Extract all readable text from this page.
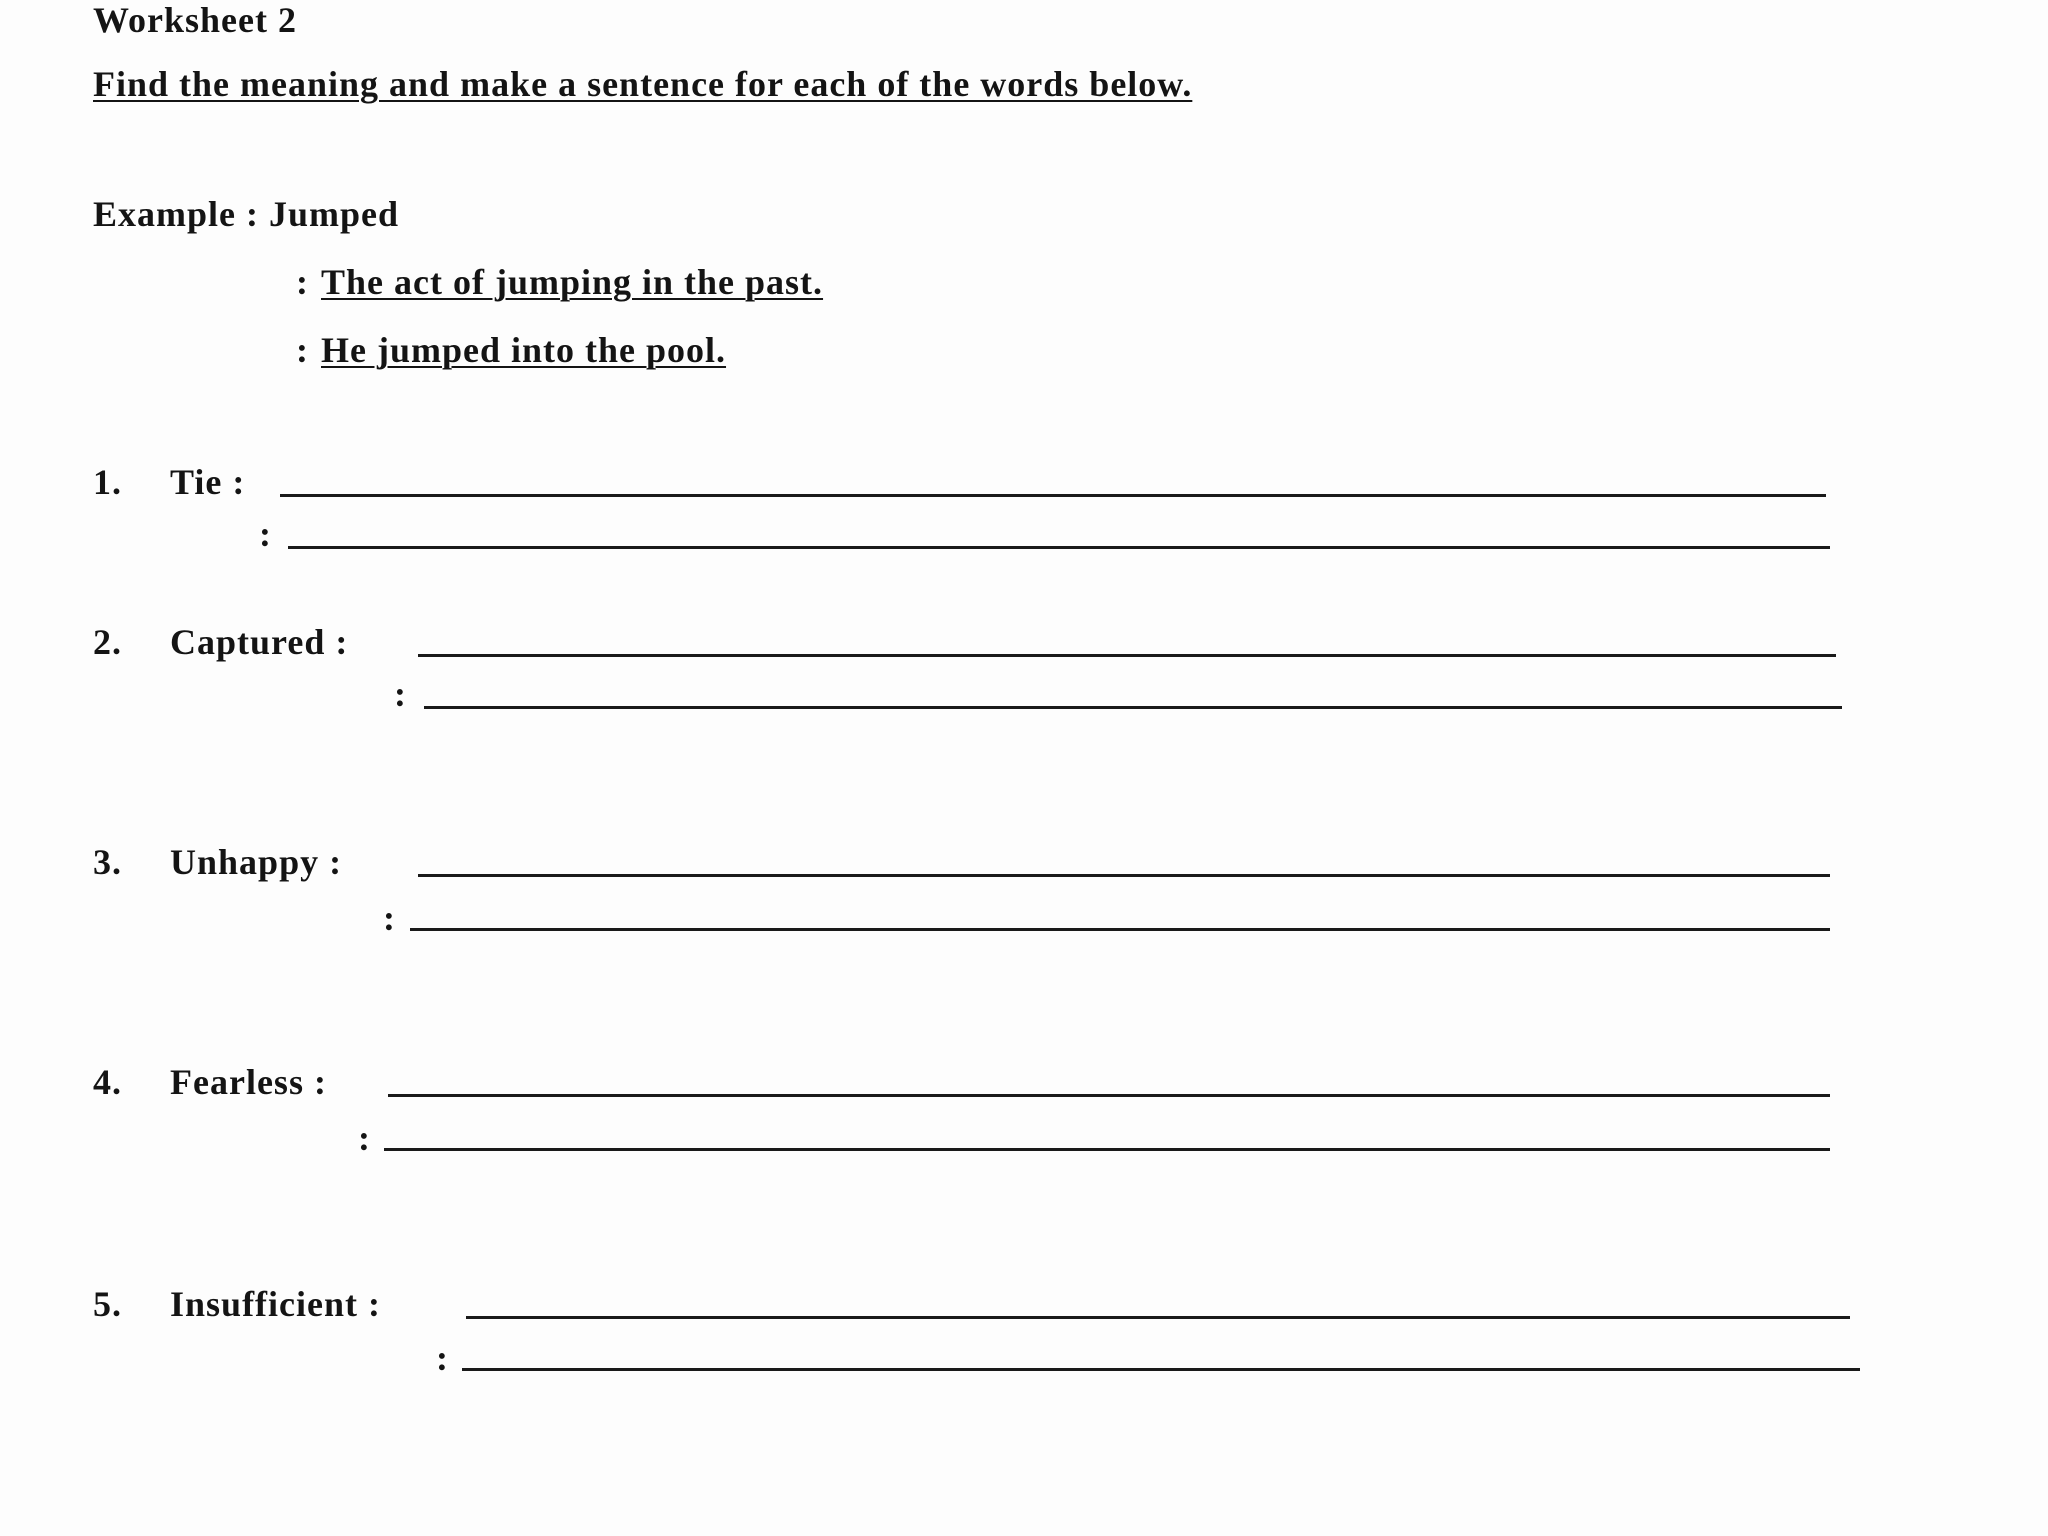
Worksheet 2
Find the meaning and make a sentence for each of the words below.
Example : Jumped
: The act of jumping in the past.
: He jumped into the pool.
1. Tie :
:
2. Captured :
:
3. Unhappy :
:
4. Fearless :
:
5. Insufficient :
:
